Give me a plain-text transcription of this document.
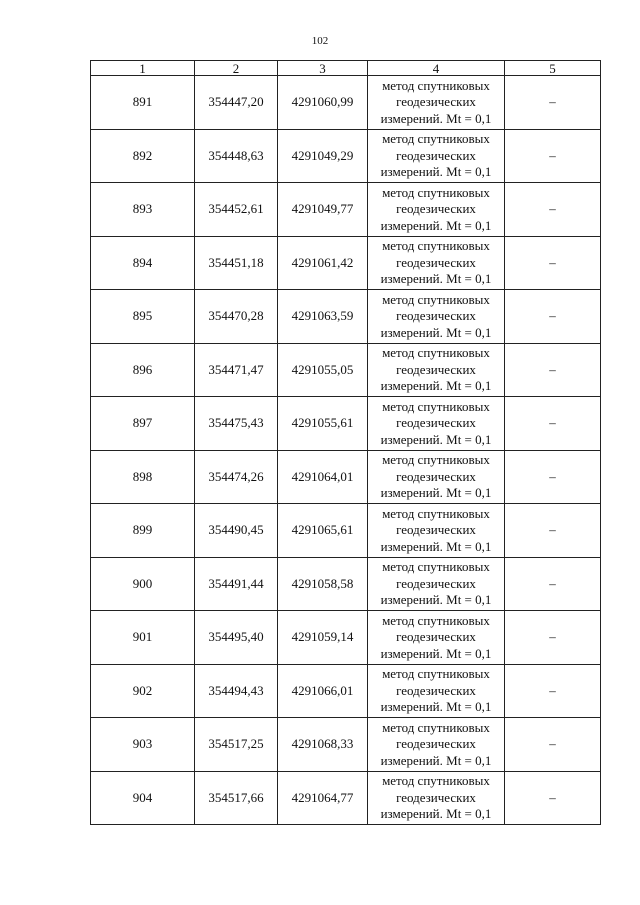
102
1	2	3	4	5
891	354447,20	4291060,99	метод спутниковых
геодезических
измерений. Mt = 0,1	–
892	354448,63	4291049,29	метод спутниковых
геодезических
измерений. Mt = 0,1	–
893	354452,61	4291049,77	метод спутниковых
геодезических
измерений. Mt = 0,1	–
894	354451,18	4291061,42	метод спутниковых
геодезических
измерений. Mt = 0,1	–
895	354470,28	4291063,59	метод спутниковых
геодезических
измерений. Mt = 0,1	–
896	354471,47	4291055,05	метод спутниковых
геодезических
измерений. Mt = 0,1	–
897	354475,43	4291055,61	метод спутниковых
геодезических
измерений. Mt = 0,1	–
898	354474,26	4291064,01	метод спутниковых
геодезических
измерений. Mt = 0,1	–
899	354490,45	4291065,61	метод спутниковых
геодезических
измерений. Mt = 0,1	–
900	354491,44	4291058,58	метод спутниковых
геодезических
измерений. Mt = 0,1	–
901	354495,40	4291059,14	метод спутниковых
геодезических
измерений. Mt = 0,1	–
902	354494,43	4291066,01	метод спутниковых
геодезических
измерений. Mt = 0,1	–
903	354517,25	4291068,33	метод спутниковых
геодезических
измерений. Mt = 0,1	–
904	354517,66	4291064,77	метод спутниковых
геодезических
измерений. Mt = 0,1	–
